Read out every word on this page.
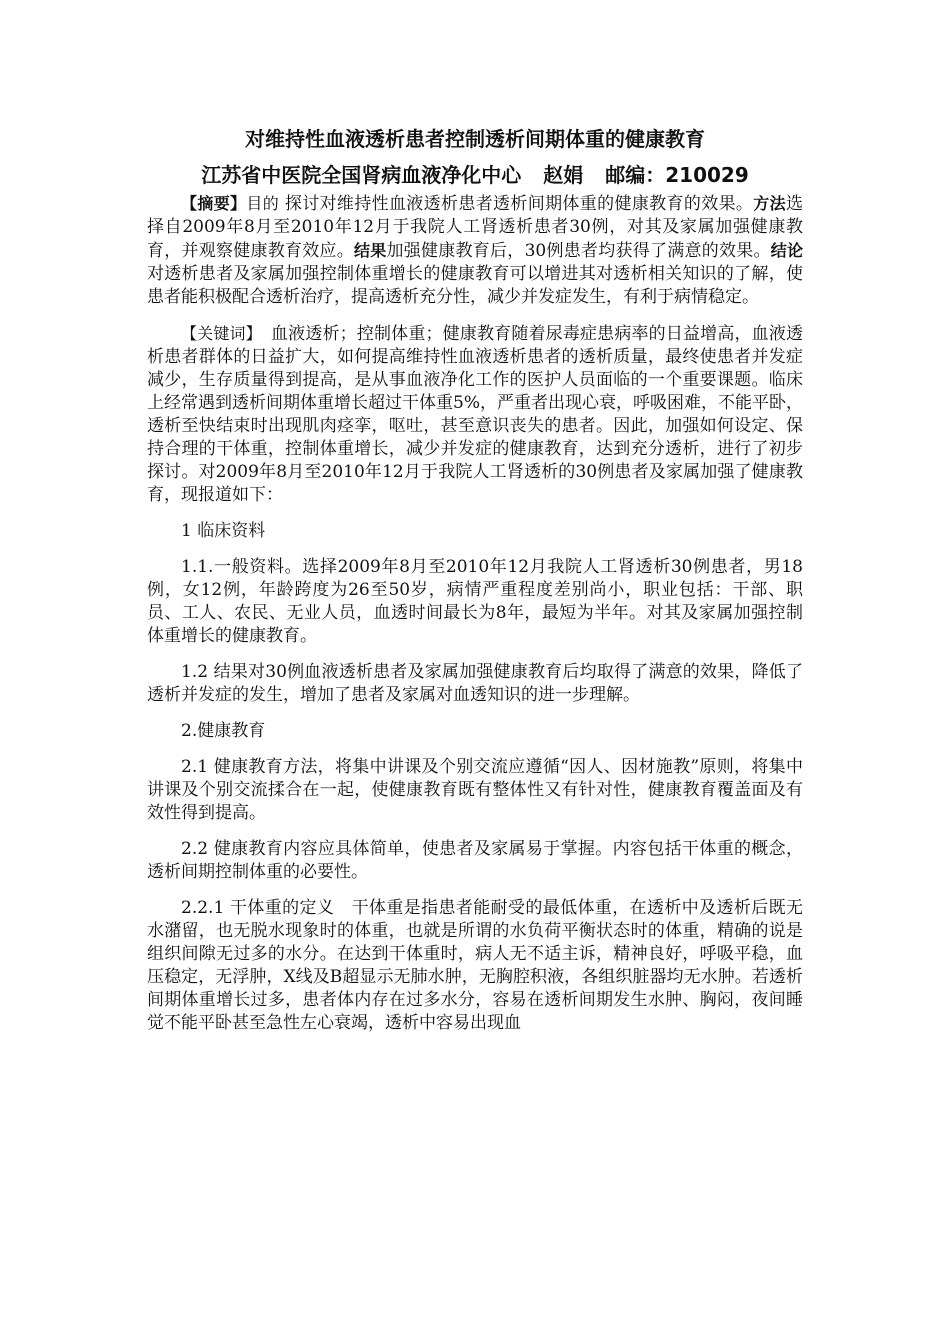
对维持性血液透析患者控制透析间期体重的健康教育
江苏省中医院全国肾病血液净化中心 赵娟 邮编：210029

【摘要】目的 探讨对维持性血液透析患者透析间期体重的健康教育的效果。方法选择自2009年8月至2010年12月于我院人工肾透析患者30例，对其及家属加强健康教育，并观察健康教育效应。结果加强健康教育后，30例患者均获得了满意的效果。结论对透析患者及家属加强控制体重增长的健康教育可以增进其对透析相关知识的了解，使患者能积极配合透析治疗，提高透析充分性，减少并发症发生，有利于病情稳定。

【关键词】　血液透析；控制体重；健康教育随着尿毒症患病率的日益增高，血液透析患者群体的日益扩大，如何提高维持性血液透析患者的透析质量，最终使患者并发症减少，生存质量得到提高，是从事血液净化工作的医护人员面临的一个重要课题。临床上经常遇到透析间期体重增长超过干体重5%，严重者出现心衰，呼吸困难，不能平卧，透析至快结束时出现肌肉痉挛，呕吐，甚至意识丧失的患者。因此，加强如何设定、保持合理的干体重，控制体重增长，减少并发症的健康教育，达到充分透析，进行了初步探讨。对2009年8月至2010年12月于我院人工肾透析的30例患者及家属加强了健康教育，现报道如下：

1 临床资料

1.1.一般资料。选择2009年8月至2010年12月我院人工肾透析30例患者，男18例，女12例，年龄跨度为26至50岁，病情严重程度差别尚小，职业包括：干部、职员、工人、农民、无业人员，血透时间最长为8年，最短为半年。对其及家属加强控制体重增长的健康教育。

1.2 结果对30例血液透析患者及家属加强健康教育后均取得了满意的效果，降低了透析并发症的发生，增加了患者及家属对血透知识的进一步理解。

2.健康教育

2.1 健康教育方法，将集中讲课及个别交流应遵循“因人、因材施教”原则，将集中讲课及个别交流揉合在一起，使健康教育既有整体性又有针对性，健康教育覆盖面及有效性得到提高。

2.2 健康教育内容应具体简单，使患者及家属易于掌握。内容包括干体重的概念，透析间期控制体重的必要性。

2.2.1 干体重的定义　干体重是指患者能耐受的最低体重，在透析中及透析后既无水潴留，也无脱水现象时的体重，也就是所谓的水负荷平衡状态时的体重，精确的说是组织间隙无过多的水分。在达到干体重时，病人无不适主诉，精神良好，呼吸平稳，血压稳定，无浮肿，X线及B超显示无肺水肿，无胸腔积液，各组织脏器均无水肿。若透析间期体重增长过多，患者体内存在过多水分，容易在透析间期发生水肿、胸闷，夜间睡觉不能平卧甚至急性左心衰竭，透析中容易出现血
